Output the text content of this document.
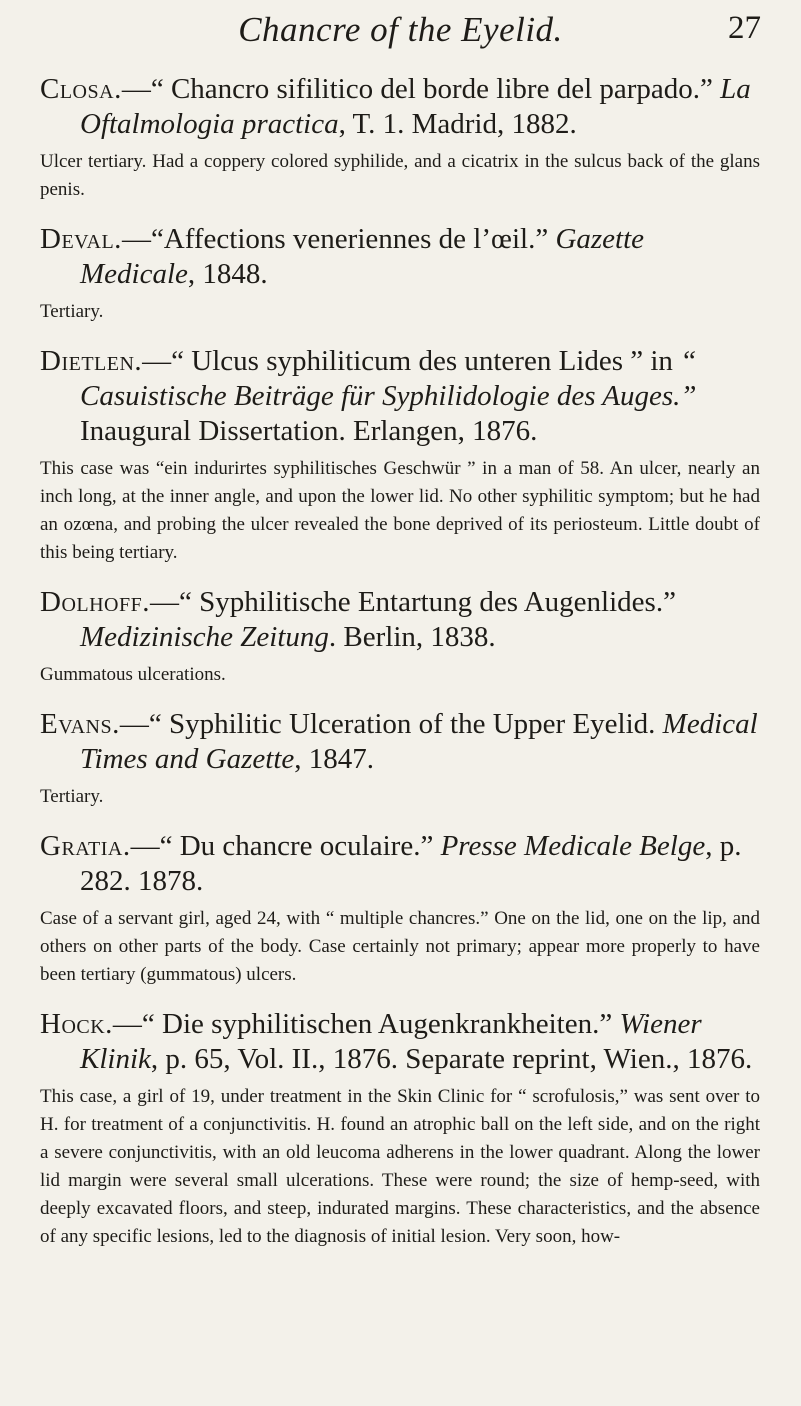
Chancre of the Eyelid.	27

Closa.—“ Chancro sifilitico del borde libre del parpado.” La Oftalmologia practica, T. 1. Madrid, 1882.

Ulcer tertiary. Had a coppery colored syphilide, and a cicatrix in the sulcus back of the glans penis.

Deval.—“Affections veneriennes de l’œil.” Gazette Medicale, 1848.

Tertiary.

Dietlen.—“ Ulcus syphiliticum des unteren Lides ” in “ Casuistische Beiträge für Syphilidologie des Auges.” Inaugural Dissertation. Erlangen, 1876.

This case was “ein indurirtes syphilitisches Geschwür ” in a man of 58. An ulcer, nearly an inch long, at the inner angle, and upon the lower lid. No other syphilitic symptom; but he had an ozœna, and probing the ulcer revealed the bone deprived of its periosteum. Little doubt of this being tertiary.

Dolhoff.—“ Syphilitische Entartung des Augenlides.” Medizinische Zeitung. Berlin, 1838.

Gummatous ulcerations.

Evans.—“ Syphilitic Ulceration of the Upper Eyelid. Medical Times and Gazette, 1847.

Tertiary.

Gratia.—“ Du chancre oculaire.” Presse Medicale Belge, p. 282. 1878.

Case of a servant girl, aged 24, with “ multiple chancres.” One on the lid, one on the lip, and others on other parts of the body. Case certainly not primary; appear more properly to have been tertiary (gummatous) ulcers.

Hock.—“ Die syphilitischen Augenkrankheiten.” Wiener Klinik, p. 65, Vol. II., 1876. Separate reprint, Wien., 1876.

This case, a girl of 19, under treatment in the Skin Clinic for “ scrofulosis,” was sent over to H. for treatment of a conjunctivitis. H. found an atrophic ball on the left side, and on the right a severe conjunctivitis, with an old leucoma adherens in the lower quadrant. Along the lower lid margin were several small ulcerations. These were round; the size of hemp-seed, with deeply excavated floors, and steep, indurated margins. These characteristics, and the absence of any specific lesions, led to the diagnosis of initial lesion. Very soon, how-
